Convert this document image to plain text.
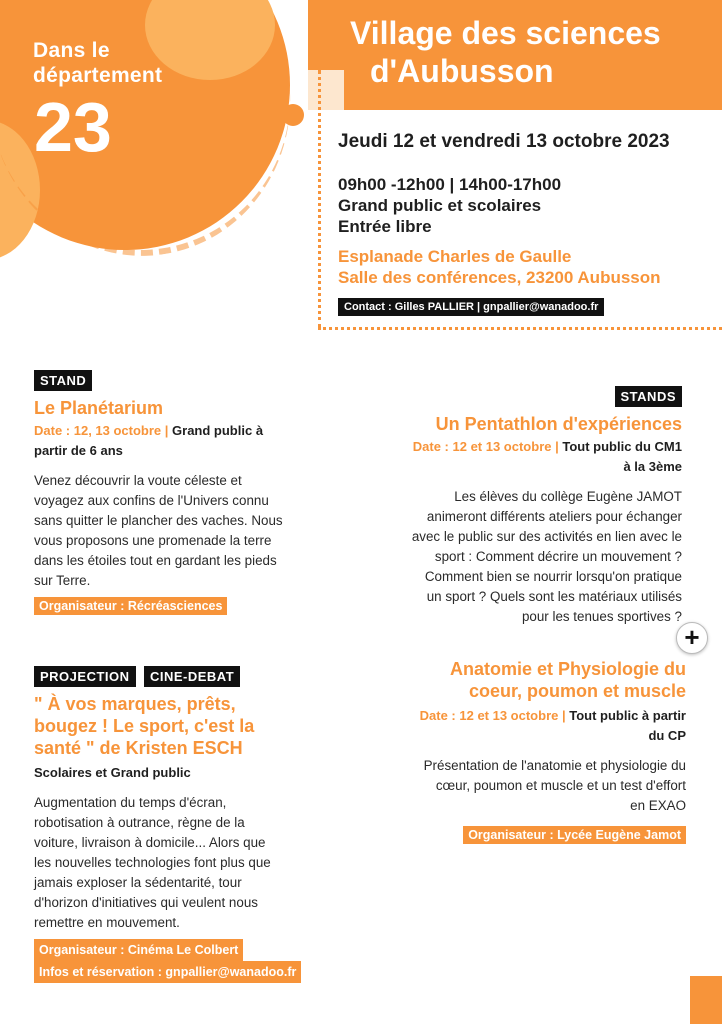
Dans le
département
23
Village des sciences
d'Aubusson
Jeudi 12 et vendredi 13 octobre 2023
09h00 -12h00 | 14h00-17h00
Grand public et scolaires
Entrée libre
Esplanade Charles de Gaulle
Salle des conférences, 23200 Aubusson
Contact : Gilles PALLIER | gnpallier@wanadoo.fr
STAND
Le Planétarium
Date : 12, 13 octobre | Grand public à
partir de 6 ans
Venez découvrir la voute céleste et
voyagez aux confins de l'Univers connu
sans quitter le plancher des vaches. Nous
vous proposons une promenade la terre
dans les étoiles tout en gardant les pieds
sur Terre.
Organisateur : Récréasciences
STANDS
Un Pentathlon d'expériences
Date : 12 et 13 octobre | Tout public du CM1
à la 3ème
Les élèves du collège Eugène JAMOT
animeront différents ateliers pour échanger
avec le public sur des activités en lien avec le
sport : Comment décrire un mouvement ?
Comment bien se nourrir lorsqu'on pratique
un sport ? Quels sont les matériaux utilisés
pour les tenues sportives ?
+
PROJECTION CINE-DEBAT
" À vos marques, prêts,
bougez ! Le sport, c'est la
santé " de Kristen ESCH
Scolaires et Grand public
Augmentation du temps d'écran,
robotisation à outrance, règne de la
voiture, livraison à domicile... Alors que
les nouvelles technologies font plus que
jamais exploser la sédentarité, tour
d'horizon d'initiatives qui veulent nous
remettre en mouvement.
Organisateur : Cinéma Le Colbert
Infos et réservation : gnpallier@wanadoo.fr
Anatomie et Physiologie du
coeur, poumon et muscle
Date : 12 et 13 octobre | Tout public à partir
du CP
Présentation de l'anatomie et physiologie du
cœur, poumon et muscle et un test d'effort
en EXAO
Organisateur : Lycée Eugène Jamot
